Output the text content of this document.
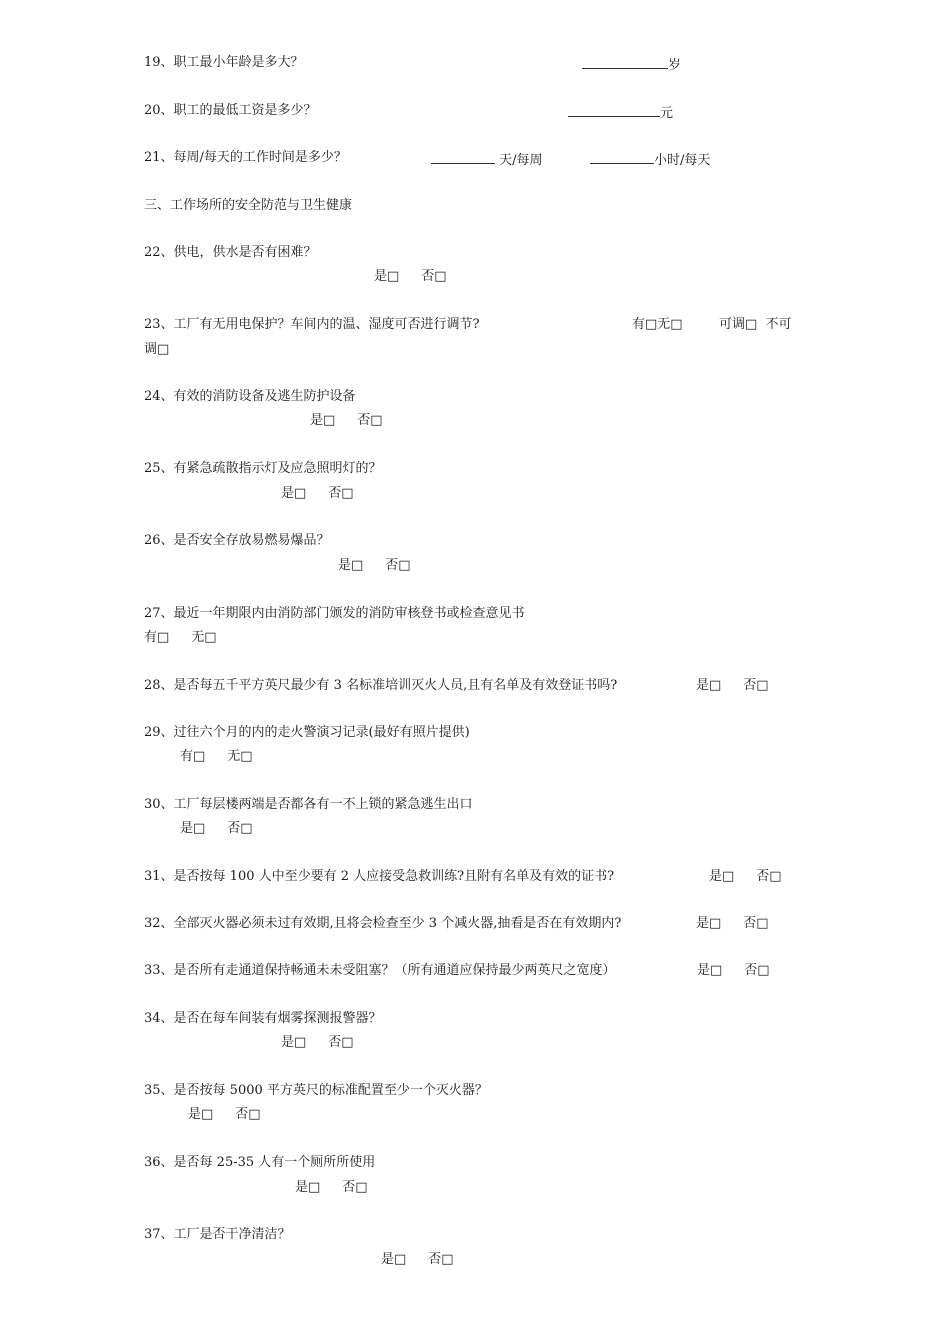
19、职工最小年龄是多大？	岁
20、职工的最低工资是多少？	元
21、每周/每天的工作时间是多少？	天/每周	小时/每天
三、工作场所的安全防范与卫生健康
22、供电，供水是否有困难？
是□ 否□
23、工厂有无用电保护？车间内的温、湿度可否进行调节?	有□无□	可调□  不可
调□
24、有效的消防设备及逃生防护设备
是□ 否□
25、有紧急疏散指示灯及应急照明灯的？
是□ 否□
26、是否安全存放易燃易爆品？
是□ 否□
27、最近一年期限内由消防部门颁发的消防审核登书或检查意见书
有□ 无□
28、是否每五千平方英尺最少有 3 名标准培训灭火人员,且有名单及有效登证书吗?	是□ 否□
29、过往六个月的内的走火警演习记录(最好有照片提供)
有□ 无□
30、工厂每层楼两端是否都各有一不上锁的紧急逃生出口
是□ 否□
31、是否按每 100 人中至少要有 2 人应接受急救训练?且附有名单及有效的证书?	是□ 否□
32、全部灭火器必须未过有效期,且将会检查至少 3 个减火器,抽看是否在有效期内?	是□ 否□
33、是否所有走通道保持畅通未未受阻塞？（所有通道应保持最少两英尺之宽度）	是□ 否□
34、是否在每车间装有烟雾探测报警器？
是□ 否□
35、是否按每 5000 平方英尺的标准配置至少一个灭火器？
是□ 否□
36、是否每 25-35 人有一个厕所所使用
是□ 否□
37、工厂是否干净清洁？
是□ 否□
